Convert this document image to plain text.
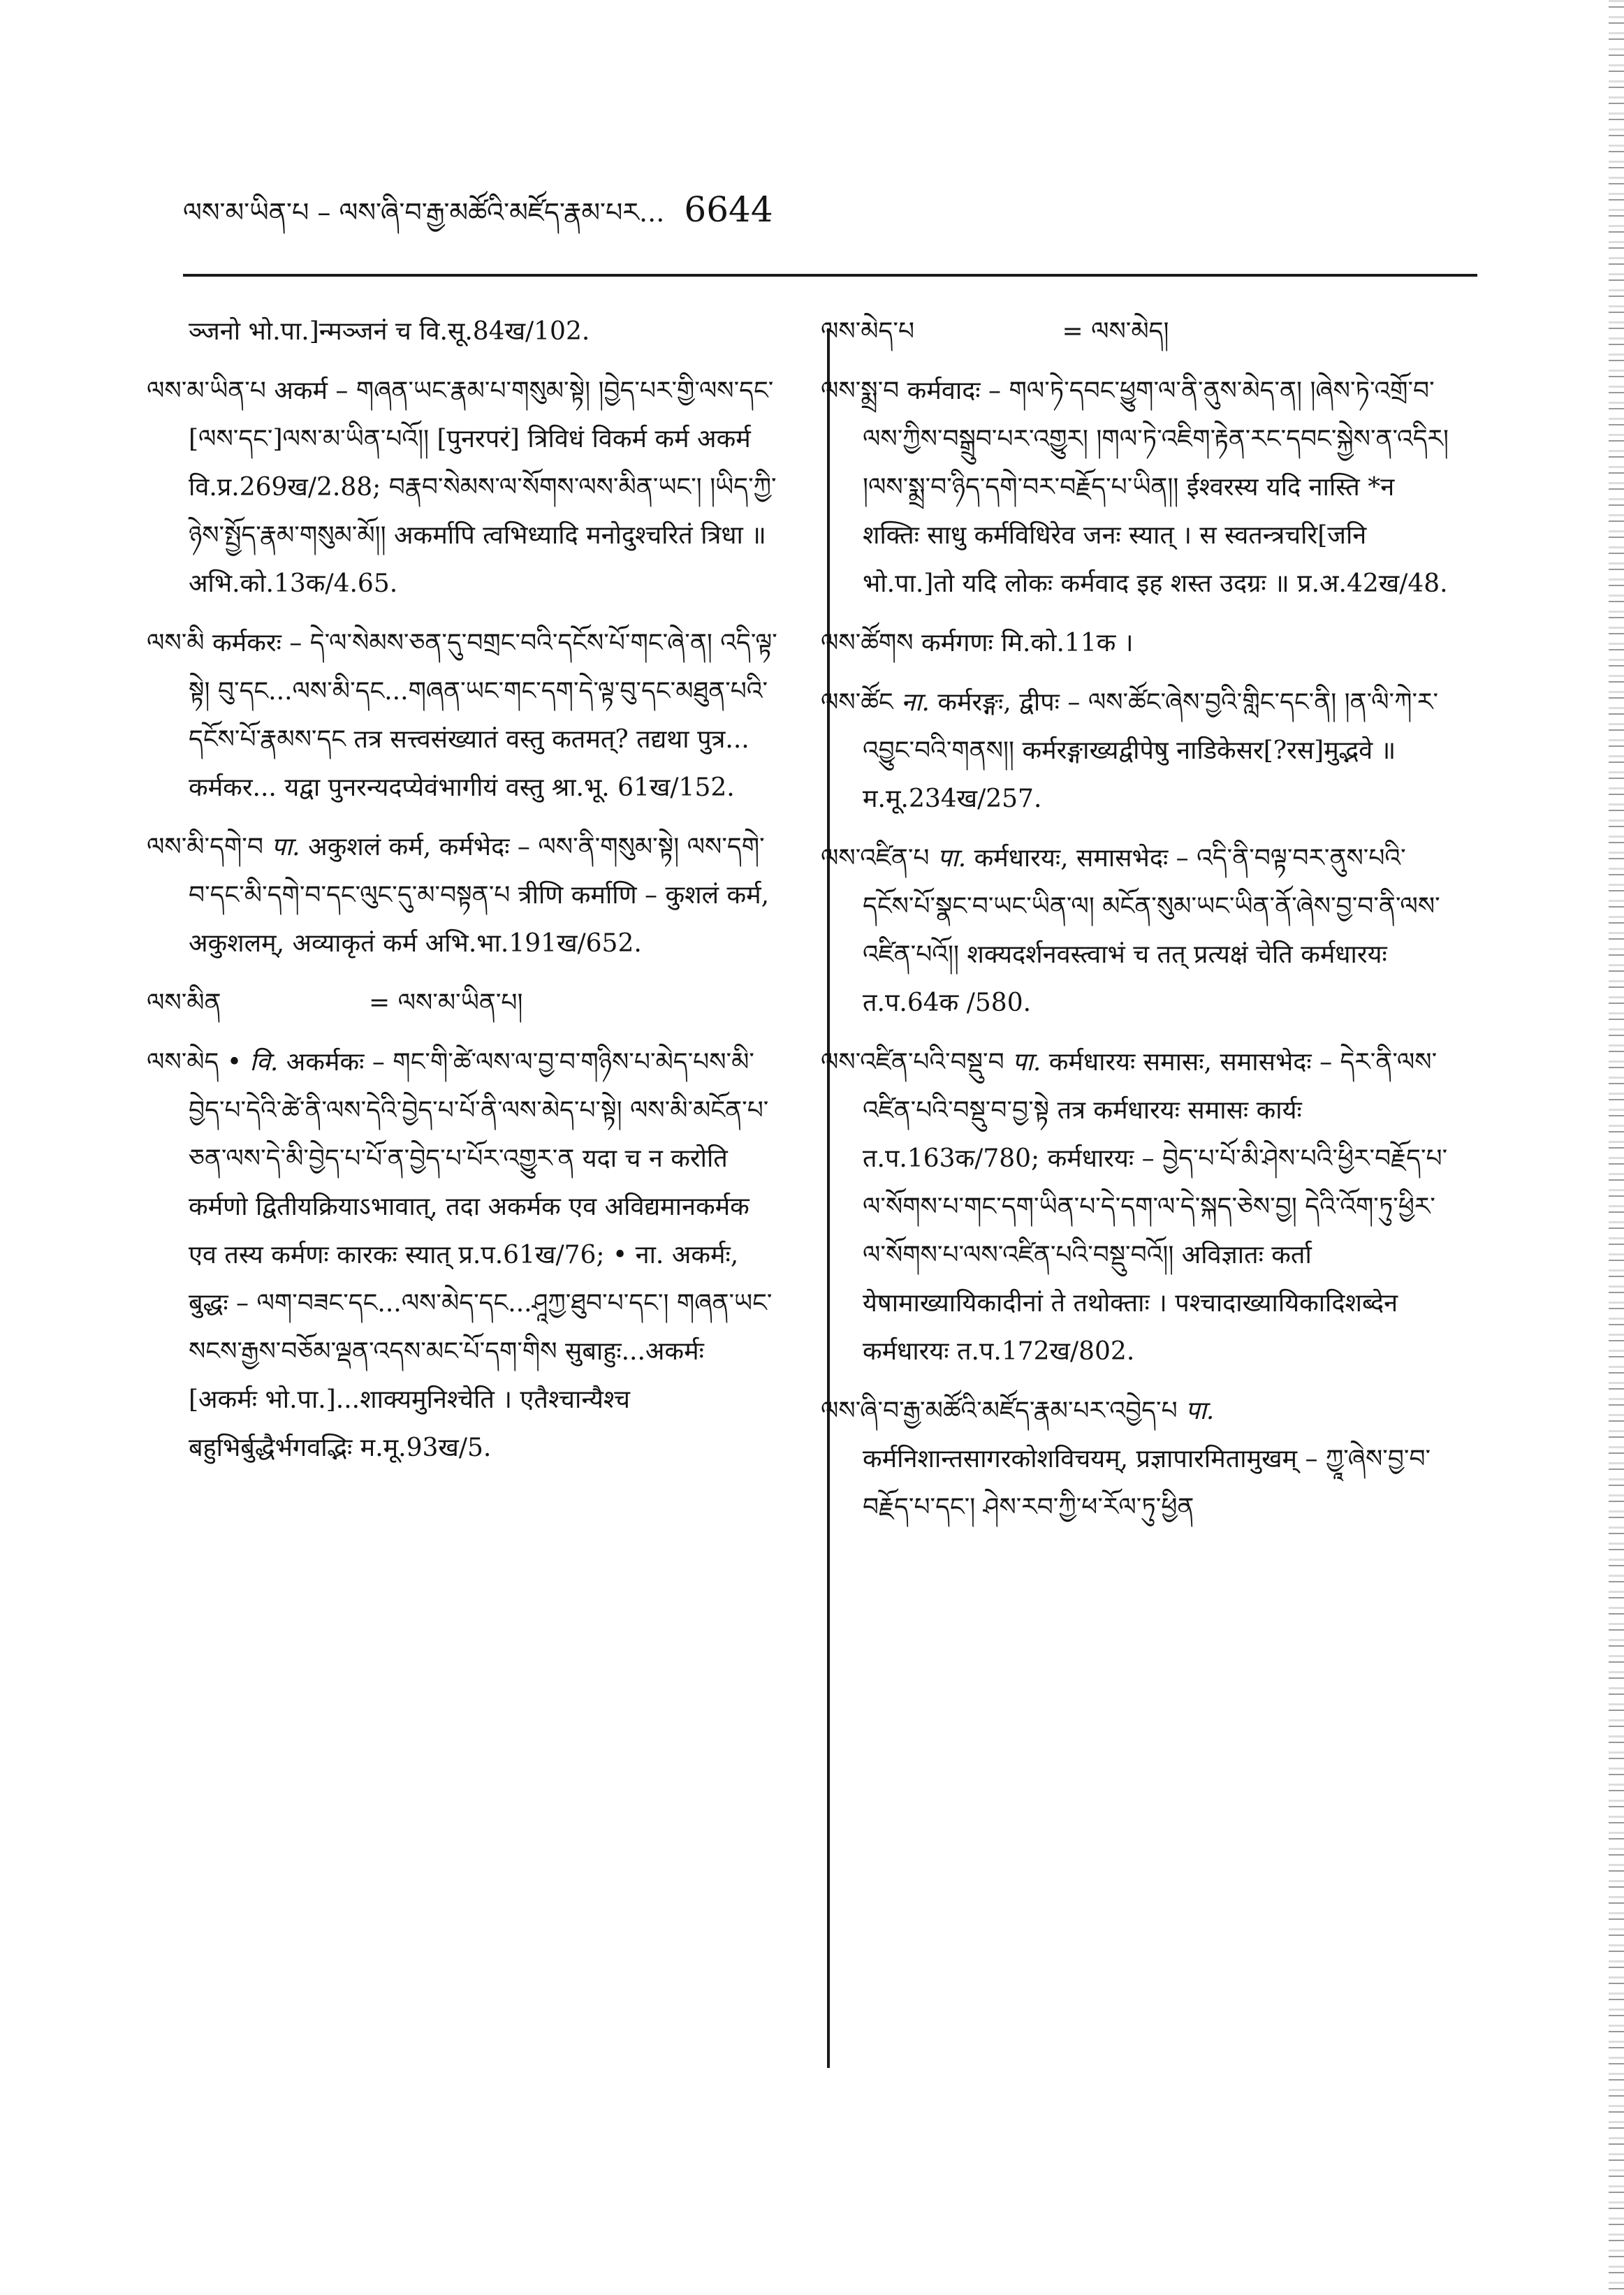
ལས་མ་ཡིན་པ – ལས་ཞི་བ་རྒྱ་མཚོའི་མཛོད་རྣམ་པར... 6644

ञ्जनो भो.पा.]न्मञ्जनं च वि.सू.84ख/102.

ལས་མ་ཡིན་པ अकर्म – གཞན་ཡང་རྣམ་པ་གསུམ་སྟེ། །བྱེད་པར་གྱི་ལས་དང་[ལས་དང་]ལས་མ་ཡིན་པའོ།། [पुनरपरं] त्रिविधं विकर्म कर्म अकर्म वि.प्र.269ख/2.88; བརྣབ་སེམས་ལ་སོགས་ལས་མིན་ཡང་། །ཡིད་ཀྱི་ཉེས་སྤྱོད་རྣམ་གསུམ་མོ།། अकर्मापि त्वभिध्यादि मनोदुश्चरितं त्रिधा ॥ अभि.को.13क/4.65.

ལས་མི कर्मकरः – དེ་ལ་སེམས་ཅན་དུ་བགྲང་བའི་དངོས་པོ་གང་ཞེ་ན། འདི་ལྟ་སྟེ། བུ་དང...ལས་མི་དང...གཞན་ཡང་གང་དག་དེ་ལྟ་བུ་དང་མཐུན་པའི་དངོས་པོ་རྣམས་དང तत्र सत्त्वसंख्यातं वस्तु कतमत्? तद्यथा पुत्र... कर्मकर... यद्वा पुनरन्यदप्येवंभागीयं वस्तु श्रा.भू. 61ख/152.

ལས་མི་དགེ་བ पा. अकुशलं कर्म, कर्मभेदः – ལས་ནི་གསུམ་སྟེ། ལས་དགེ་བ་དང་མི་དགེ་བ་དང་ལུང་དུ་མ་བསྟན་པ त्रीणि कर्माणि – कुशलं कर्म, अकुशलम्, अव्याकृतं कर्म अभि.भा.191ख/652.

ལས་མིན	= ལས་མ་ཡིན་པ།

ལས་མེད • वि. अकर्मकः – གང་གི་ཚེ་ལས་ལ་བྱ་བ་གཉིས་པ་མེད་པས་མི་བྱེད་པ་དེའི་ཚེ་ནི་ལས་དེའི་བྱེད་པ་པོ་ནི་ལས་མེད་པ་སྟེ། ལས་མི་མངོན་པ་ཅན་ལས་དེ་མི་བྱེད་པ་པོ་ན་བྱེད་པ་པོར་འགྱུར་ན यदा च न करोति कर्मणो द्वितीयक्रियाऽभावात्, तदा अकर्मक एव अविद्यमानकर्मक एव तस्य कर्मणः कारकः स्यात् प्र.प.61ख/76; • ना. अकर्मः, बुद्धः – ལག་བཟང་དང...ལས་མེད་དང...ཤཱཀྱ་ཐུབ་པ་དང་། གཞན་ཡང་སངས་རྒྱས་བཅོམ་ལྡན་འདས་མང་པོ་དག་གིས सुबाहुः...अकर्मः [अकर्मः भो.पा.]...शाक्यमुनिश्चेति । एतैश्चान्यैश्च बहुभिर्बुद्धैर्भगवद्भिः म.मू.93ख/5.

ལས་མེད་པ	= ལས་མེད།

ལས་སྨྲ་བ कर्मवादः – གལ་ཏེ་དབང་ཕྱུག་ལ་ནི་ནུས་མེད་ན། །ཞེས་ཏེ་འགྲོ་བ་ལས་ཀྱིས་བསྒྲུབ་པར་འགྱུར། །གལ་ཏེ་འཇིག་རྟེན་རང་དབང་སྐྱེས་ན་འདིར། །ལས་སྨྲ་བ་ཉིད་དགེ་བར་བརྗོད་པ་ཡིན།། ईश्वरस्य यदि नास्ति *न शक्तिः साधु कर्मविधिरेव जनः स्यात् । स स्वतन्त्रचरि[जनि भो.पा.]तो यदि लोकः कर्मवाद इह शस्त उदग्रः ॥ प्र.अ.42ख/48.

ལས་ཚོགས कर्मगणः मि.को.11क ।

ལས་ཚོང ना. कर्मरङ्गः, द्वीपः – ལས་ཚོང་ཞེས་བྱའི་གླིང་དང་ནི། །ན་ལི་ཀེ་ར་འབྱུང་བའི་གནས།། कर्मरङ्गाख्यद्वीपेषु नाडिकेसर[?रस]मुद्भवे ॥ म.मू.234ख/257.

ལས་འཛིན་པ पा. कर्मधारयः, समासभेदः – འདི་ནི་བལྟ་བར་ནུས་པའི་དངོས་པོ་སྣང་བ་ཡང་ཡིན་ལ། མངོན་སུམ་ཡང་ཡིན་ནོ་ཞེས་བྱ་བ་ནི་ལས་འཛིན་པའོ།། शक्यदर्शनवस्त्वाभं च तत् प्रत्यक्षं चेति कर्मधारयः त.प.64क /580.

ལས་འཛིན་པའི་བསྡུ་བ पा. कर्मधारयः समासः, समासभेदः – དེར་ནི་ལས་འཛིན་པའི་བསྡུ་བ་བྱ་སྟེ तत्र कर्मधारयः समासः कार्यः त.प.163क/780; कर्मधारयः – བྱེད་པ་པོ་མི་ཤེས་པའི་ཕྱིར་བརྗོད་པ་ལ་སོགས་པ་གང་དག་ཡིན་པ་དེ་དག་ལ་དེ་སྐད་ཅེས་བྱ། དེའི་འོག་ཏུ་ཕྱིར་ལ་སོགས་པ་ལས་འཛིན་པའི་བསྡུ་བའོ།། अविज्ञातः कर्ता येषामाख्यायिकादीनां ते तथोक्ताः । पश्चादाख्यायिकादिशब्देन कर्मधारयः त.प.172ख/802.

ལས་ཞི་བ་རྒྱ་མཚོའི་མཛོད་རྣམ་པར་འབྱེད་པ पा. कर्मनिशान्तसागरकोशविचयम्, प्रज्ञापारमितामुखम् – ཀྱཱ་ཞེས་བྱ་བ་བརྗོད་པ་དང་། ཤེས་རབ་ཀྱི་ཕ་རོལ་ཏུ་ཕྱིན
